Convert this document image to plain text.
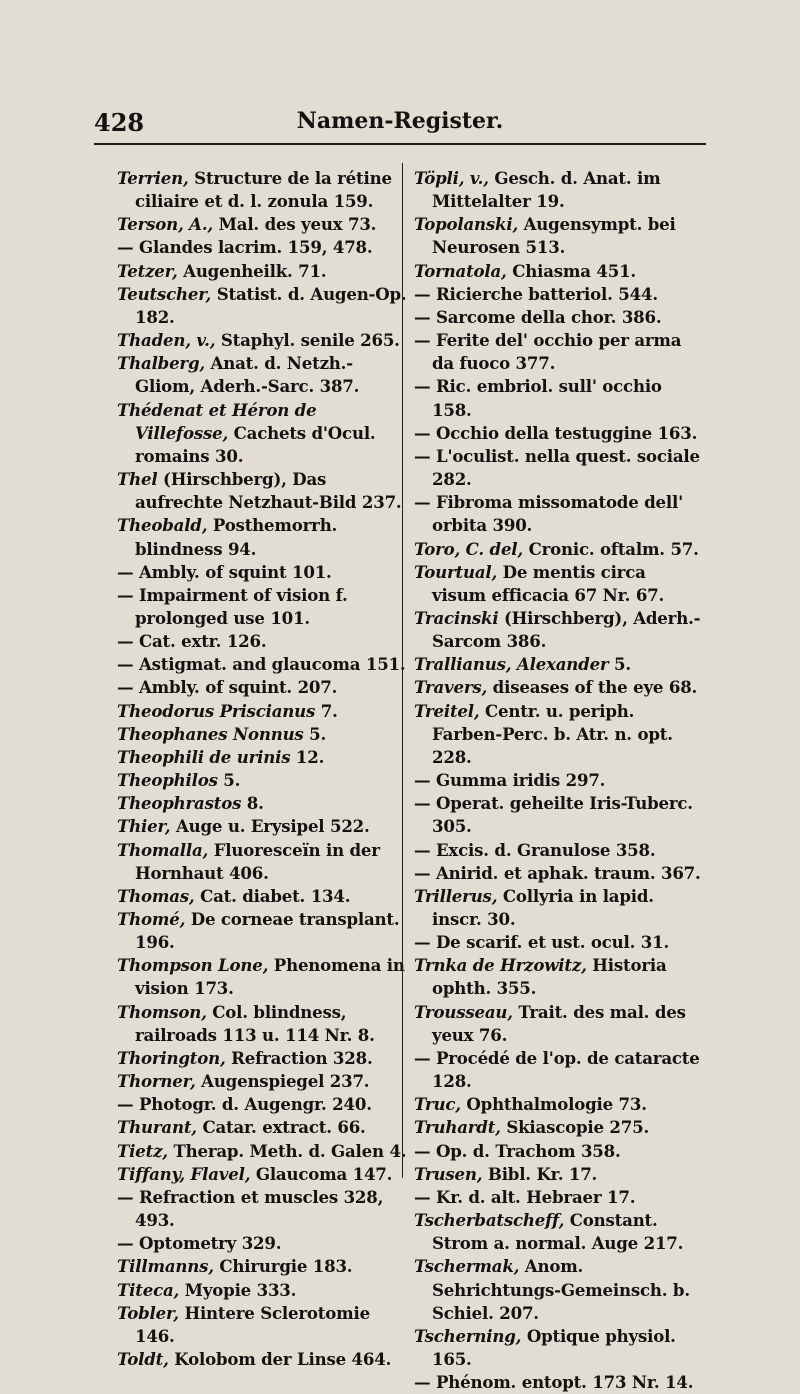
428	Namen-Register.

Terrien, Structure de la rétine ciliaire et d. l. zonula 159.

Terson, A., Mal. des yeux 73.

— Glandes lacrim. 159, 478.

Tetzer, Augenheilk. 71.

Teutscher, Statist. d. Augen-Op. 182.

Thaden, v., Staphyl. senile 265.

Thalberg, Anat. d. Netzh.-Gliom, Aderh.-Sarc. 387.

Thédenat et Héron de Villefosse, Cachets d'Ocul. romains 30.

Thel (Hirschberg), Das aufrechte Netzhaut-Bild 237.

Theobald, Posthemorrh. blindness 94.

— Ambly. of squint 101.

— Impairment of vision f. prolonged use 101.

— Cat. extr. 126.

— Astigmat. and glaucoma 151.

— Ambly. of squint. 207.

Theodorus Priscianus 7.

Theophanes Nonnus 5.

Theophili de urinis 12.

Theophilos 5.

Theophrastos 8.

Thier, Auge u. Erysipel 522.

Thomalla, Fluoresceïn in der Hornhaut 406.

Thomas, Cat. diabet. 134.

Thomé, De corneae transplant. 196.

Thompson Lone, Phenomena in vision 173.

Thomson, Col. blindness, railroads 113 u. 114 Nr. 8.

Thorington, Refraction 328.

Thorner, Augenspiegel 237.

— Photogr. d. Augengr. 240.

Thurant, Catar. extract. 66.

Tietz, Therap. Meth. d. Galen 4.

Tiffany, Flavel, Glaucoma 147.

— Refraction et muscles 328, 493.

— Optometry 329.

Tillmanns, Chirurgie 183.

Titeca, Myopie 333.

Tobler, Hintere Sclerotomie 146.

Toldt, Kolobom der Linse 464.

Töpli, v., Gesch. d. Anat. im Mittelalter 19.

Topolanski, Augensympt. bei Neurosen 513.

Tornatola, Chiasma 451.

— Ricierche batteriol. 544.

— Sarcome della chor. 386.

— Ferite del' occhio per arma da fuoco 377.

— Ric. embriol. sull' occhio 158.

— Occhio della testuggine 163.

— L'oculist. nella quest. sociale 282.

— Fibroma missomatode dell' orbita 390.

Toro, C. del, Cronic. oftalm. 57.

Tourtual, De mentis circa visum efficacia 67 Nr. 67.

Tracinski (Hirschberg), Aderh.-Sarcom 386.

Trallianus, Alexander 5.

Travers, diseases of the eye 68.

Treitel, Centr. u. periph. Farben-Perc. b. Atr. n. opt. 228.

— Gumma iridis 297.

— Operat. geheilte Iris-Tuberc. 305.

— Excis. d. Granulose 358.

— Anirid. et aphak. traum. 367.

Trillerus, Collyria in lapid. inscr. 30.

— De scarif. et ust. ocul. 31.

Trnka de Hrzowitz, Historia ophth. 355.

Trousseau, Trait. des mal. des yeux 76.

— Procédé de l'op. de cataracte 128.

Truc, Ophthalmologie 73.

Truhardt, Skiascopie 275.

— Op. d. Trachom 358.

Trusen, Bibl. Kr. 17.

— Kr. d. alt. Hebraer 17.

Tscherbatscheff, Constant. Strom a. normal. Auge 217.

Tschermak, Anom. Sehrichtungs-Gemeinsch. b. Schiel. 207.

Tscherning, Optique physiol. 165.

— Phénom. entopt. 173 Nr. 14.
